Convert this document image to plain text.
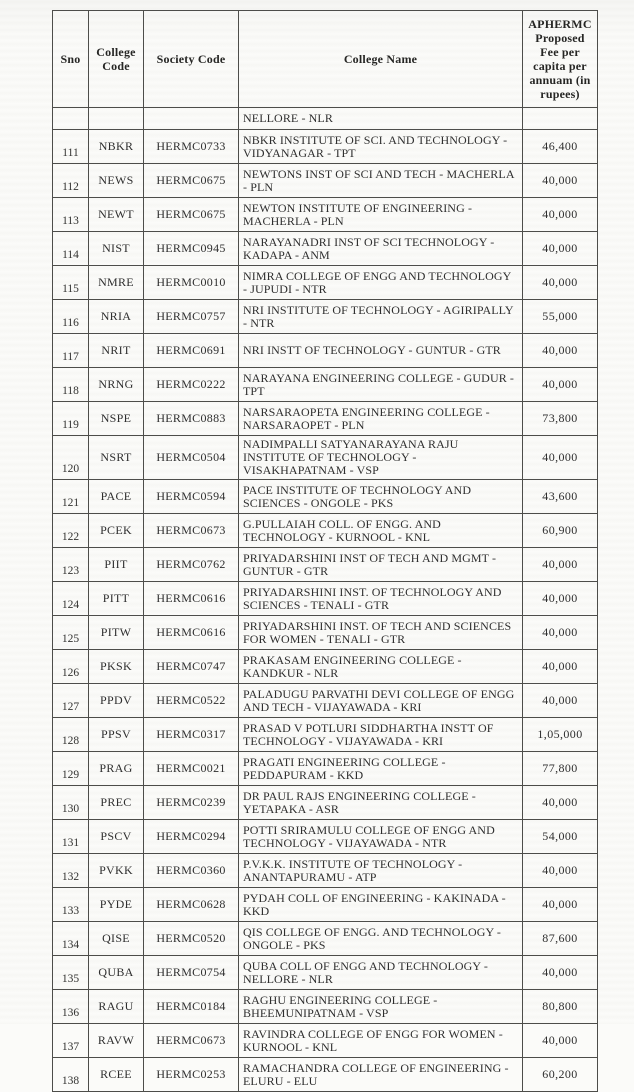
Sno	College Code	Society Code	College Name	APHERMC Proposed Fee per capita per annuam (in rupees)
			NELLORE - NLR	
111	NBKR	HERMC0733	NBKR INSTITUTE OF SCI. AND TECHNOLOGY - VIDYANAGAR - TPT	46,400
112	NEWS	HERMC0675	NEWTONS INST OF SCI AND TECH - MACHERLA - PLN	40,000
113	NEWT	HERMC0675	NEWTON INSTITUTE OF ENGINEERING - MACHERLA - PLN	40,000
114	NIST	HERMC0945	NARAYANADRI INST OF SCI TECHNOLOGY - KADAPA - ANM	40,000
115	NMRE	HERMC0010	NIMRA COLLEGE OF ENGG AND TECHNOLOGY - JUPUDI - NTR	40,000
116	NRIA	HERMC0757	NRI INSTITUTE OF TECHNOLOGY - AGIRIPALLY - NTR	55,000
117	NRIT	HERMC0691	NRI INSTT OF TECHNOLOGY - GUNTUR - GTR	40,000
118	NRNG	HERMC0222	NARAYANA ENGINEERING COLLEGE - GUDUR - TPT	40,000
119	NSPE	HERMC0883	NARSARAOPETA ENGINEERING COLLEGE - NARSARAOPET - PLN	73,800
120	NSRT	HERMC0504	NADIMPALLI SATYANARAYANA RAJU INSTITUTE OF TECHNOLOGY - VISAKHAPATNAM - VSP	40,000
121	PACE	HERMC0594	PACE INSTITUTE OF TECHNOLOGY AND SCIENCES - ONGOLE - PKS	43,600
122	PCEK	HERMC0673	G.PULLAIAH COLL. OF ENGG. AND TECHNOLOGY - KURNOOL - KNL	60,900
123	PIIT	HERMC0762	PRIYADARSHINI INST OF TECH AND MGMT - GUNTUR - GTR	40,000
124	PITT	HERMC0616	PRIYADARSHINI INST. OF TECHNOLOGY AND SCIENCES - TENALI - GTR	40,000
125	PITW	HERMC0616	PRIYADARSHINI INST. OF TECH AND SCIENCES FOR WOMEN - TENALI - GTR	40,000
126	PKSK	HERMC0747	PRAKASAM ENGINEERING COLLEGE - KANDKUR - NLR	40,000
127	PPDV	HERMC0522	PALADUGU PARVATHI DEVI COLLEGE OF ENGG AND TECH - VIJAYAWADA - KRI	40,000
128	PPSV	HERMC0317	PRASAD V POTLURI SIDDHARTHA INSTT OF TECHNOLOGY - VIJAYAWADA - KRI	1,05,000
129	PRAG	HERMC0021	PRAGATI ENGINEERING COLLEGE - PEDDAPURAM - KKD	77,800
130	PREC	HERMC0239	DR PAUL RAJS ENGINEERING COLLEGE - YETAPAKA - ASR	40,000
131	PSCV	HERMC0294	POTTI SRIRAMULU COLLEGE OF ENGG AND TECHNOLOGY - VIJAYAWADA - NTR	54,000
132	PVKK	HERMC0360	P.V.K.K. INSTITUTE OF TECHNOLOGY - ANANTAPURAMU - ATP	40,000
133	PYDE	HERMC0628	PYDAH COLL OF ENGINEERING - KAKINADA - KKD	40,000
134	QISE	HERMC0520	QIS COLLEGE OF ENGG. AND TECHNOLOGY - ONGOLE - PKS	87,600
135	QUBA	HERMC0754	QUBA COLL OF ENGG AND TECHNOLOGY - NELLORE - NLR	40,000
136	RAGU	HERMC0184	RAGHU ENGINEERING COLLEGE - BHEEMUNIPATNAM - VSP	80,800
137	RAVW	HERMC0673	RAVINDRA COLLEGE OF ENGG FOR WOMEN - KURNOOL - KNL	40,000
138	RCEE	HERMC0253	RAMACHANDRA COLLEGE OF ENGINEERING - ELURU - ELU	60,200
